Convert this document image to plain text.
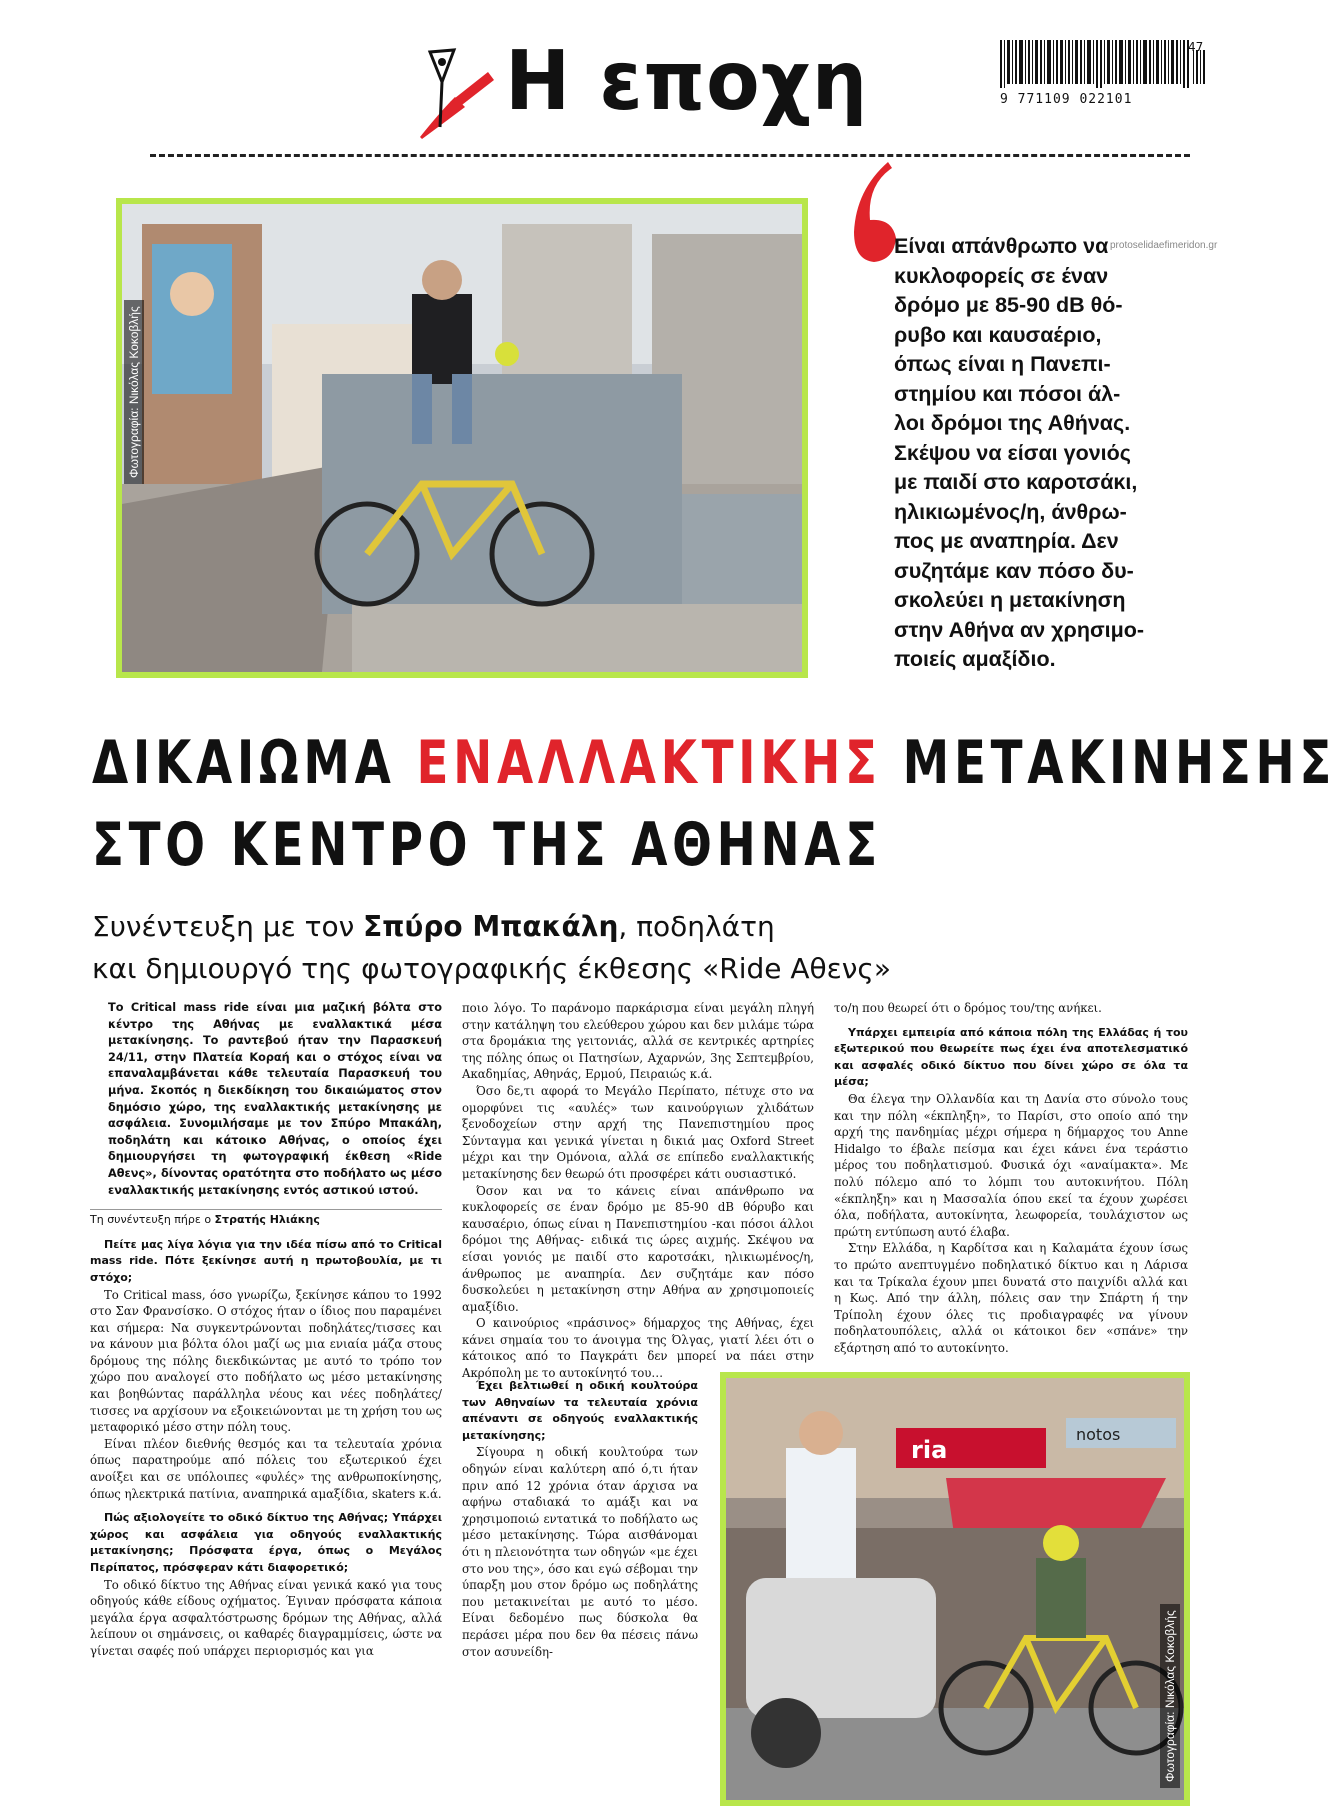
Η εποχη	47
9 771109 022101
Φωτογραφία: Νικόλας Κοκοβλής
protoselidaefimeridon.gr

Είναι απάνθρωπο να

κυκλοφορείς σε έναν

δρόμο με 85-90 dB θό-

ρυβο και καυσαέριο,

όπως είναι η Πανεπι-

στημίου και πόσοι άλ-

λοι δρόμοι της Αθήνας.

Σκέψου να είσαι γονιός

με παιδί στο καροτσάκι,

ηλικιωμένος/η, άνθρω-

πος με αναπηρία. Δεν

συζητάμε καν πόσο δυ-

σκολεύει η μετακίνηση

στην Αθήνα αν χρησιμο-

ποιείς αμαξίδιο.

ΔΙΚΑΙΩΜΑ ΕΝΑΛΛΑΚΤΙΚΗΣ ΜΕΤΑΚΙΝΗΣΗΣ
ΣΤΟ ΚΕΝΤΡΟ ΤΗΣ ΑΘΗΝΑΣ
Συνέντευξη με τον Σπύρο Μπακάλη, ποδηλάτη
και δημιουργό της φωτογραφικής έκθεσης «Ride Αθενς»

Το Critical mass ride είναι μια μαζική βόλτα στο κέντρο της Αθήνας με εναλλακτικά μέσα μετακίνησης. Το ραντεβού ήταν την Παρασκευή 24/11, στην Πλατεία Κοραή και ο στόχος είναι να επαναλαμβάνεται κάθε τελευταία Παρασκευή του μήνα. Σκοπός η διεκδίκηση του δικαιώματος στον δημόσιο χώρο, της εναλλακτικής μετακίνησης με ασφάλεια. Συνομιλήσαμε με τον Σπύρο Μπακάλη, ποδηλάτη και κάτοικο Αθήνας, ο οποίος έχει δημιουργήσει τη φωτογραφική έκθεση «Ride Αθενς», δίνοντας ορατότητα στο ποδήλατο ως μέσο εναλλακτικής μετακίνησης εντός αστικού ιστού.

Τη συνέντευξη πήρε ο Στρατής Ηλιάκης

Πείτε μας λίγα λόγια για την ιδέα πίσω από το Critical mass ride. Πότε ξεκίνησε αυτή η πρωτοβουλία, με τι στόχο;

Το Critical mass, όσο γνωρίζω, ξεκίνησε κάπου το 1992 στο Σαν Φρανσίσκο. Ο στόχος ήταν ο ίδιος που παραμένει και σήμερα: Να συγκεντρώνονται ποδηλάτες/τισσες και να κάνουν μια βόλτα όλοι μαζί ως μια ενιαία μάζα στους δρόμους της πόλης διεκδικώντας με αυτό το τρόπο τον χώρο που αναλογεί στο ποδήλατο ως μέσο μετακίνησης και βοηθώντας παράλληλα νέους και νέες ποδηλάτες/τισσες να αρχίσουν να εξοικειώνονται με τη χρήση του ως μεταφορικό μέσο στην πόλη τους.

Είναι πλέον διεθνής θεσμός και τα τελευταία χρόνια όπως παρατηρούμε από πόλεις του εξωτερικού έχει ανοίξει και σε υπόλοιπες «φυλές» της ανθρωποκίνησης, όπως ηλεκτρικά πατίνια, αναπηρικά αμαξίδια, skaters κ.ά.

Πώς αξιολογείτε το οδικό δίκτυο της Αθήνας; Υπάρχει χώρος και ασφάλεια για οδηγούς εναλλακτικής μετακίνησης; Πρόσφατα έργα, όπως ο Μεγάλος Περίπατος, πρόσφεραν κάτι διαφορετικό;

Το οδικό δίκτυο της Αθήνας είναι γενικά κακό για τους οδηγούς κάθε είδους οχήματος. Έγιναν πρόσφατα κάποια μεγάλα έργα ασφαλτόστρωσης δρόμων της Αθήνας, αλλά λείπουν οι σημάνσεις, οι καθαρές διαγραμμίσεις, ώστε να γίνεται σαφές πού υπάρχει περιορισμός και για

ποιο λόγο. Το παράνομο παρκάρισμα είναι μεγάλη πληγή στην κατάληψη του ελεύθερου χώρου και δεν μιλάμε τώρα στα δρομάκια της γειτονιάς, αλλά σε κεντρικές αρτηρίες της πόλης όπως οι Πατησίων, Αχαρνών, 3ης Σεπτεμβρίου, Ακαδημίας, Αθηνάς, Ερμού, Πειραιώς κ.ά.

Όσο δε,τι αφορά το Μεγάλο Περίπατο, πέτυχε στο να ομορφύνει τις «αυλές» των καινούργιων χλιδάτων ξενοδοχείων στην αρχή της Πανεπιστημίου προς Σύνταγμα και γενικά γίνεται η δικιά μας Oxford Street μέχρι και την Ομόνοια, αλλά σε επίπεδο εναλλακτικής μετακίνησης δεν θεωρώ ότι προσφέρει κάτι ουσιαστικό.

Όσον και να το κάνεις είναι απάνθρωπο να κυκλοφορείς σε έναν δρόμο με 85-90 dB θόρυβο και καυσαέριο, όπως είναι η Πανεπιστημίου -και πόσοι άλλοι δρόμοι της Αθήνας- ειδικά τις ώρες αιχμής. Σκέψου να είσαι γονιός με παιδί στο καροτσάκι, ηλικιωμένος/η, άνθρωπος με αναπηρία. Δεν συζητάμε καν πόσο δυσκολεύει η μετακίνηση στην Αθήνα αν χρησιμοποιείς αμαξίδιο.

Ο καινούριος «πράσινος» δήμαρχος της Αθήνας, έχει κάνει σημαία του το άνοιγμα της Όλγας, γιατί λέει ότι ο κάτοικος από το Παγκράτι δεν μπορεί να πάει στην Ακρόπολη με το αυτοκίνητό του…

Έχει βελτιωθεί η οδική κουλτούρα των Αθηναίων τα τελευταία χρόνια απέναντι σε οδηγούς εναλλακτικής μετακίνησης;

Σίγουρα η οδική κουλτούρα των οδηγών είναι καλύτερη από ό,τι ήταν πριν από 12 χρόνια όταν άρχισα να αφήνω σταδιακά το αμάξι και να χρησιμοποιώ εντατικά το ποδήλατο ως μέσο μετακίνησης. Τώρα αισθάνομαι ότι η πλειονότητα των οδηγών «με έχει στο νου της», όσο και εγώ σέβομαι την ύπαρξη μου στον δρόμο ως ποδηλάτης που μετακινείται με αυτό το μέσο. Είναι δεδομένο πως δύσκολα θα περάσει μέρα που δεν θα πέσεις πάνω στον ασυνείδη-

το/η που θεωρεί ότι ο δρόμος του/της ανήκει.

Υπάρχει εμπειρία από κάποια πόλη της Ελλάδας ή του εξωτερικού που θεωρείτε πως έχει ένα αποτελεσματικό και ασφαλές οδικό δίκτυο που δίνει χώρο σε όλα τα μέσα;

Θα έλεγα την Ολλανδία και τη Δανία στο σύνολο τους και την πόλη «έκπληξη», το Παρίσι, στο οποίο από την αρχή της πανδημίας μέχρι σήμερα η δήμαρχος του Anne Hidalgo το έβαλε πείσμα και έχει κάνει ένα τεράστιο μέρος του ποδηλατισμού. Φυσικά όχι «αναίμακτα». Με πολύ πόλεμο από το λόμπι του αυτοκινήτου. Πόλη «έκπληξη» και η Μασσαλία όπου εκεί τα έχουν χωρέσει όλα, ποδήλατα, αυτοκίνητα, λεωφορεία, τουλάχιστον ως πρώτη εντύπωση αυτό έλαβα.

Στην Ελλάδα, η Καρδίτσα και η Καλαμάτα έχουν ίσως το πρώτο ανεπτυγμένο ποδηλατικό δίκτυο και η Λάρισα και τα Τρίκαλα έχουν μπει δυνατά στο παιχνίδι αλλά και η Κως. Από την άλλη, πόλεις σαν την Σπάρτη ή την Τρίπολη έχουν όλες τις προδιαγραφές να γίνουν ποδηλατουπόλεις, αλλά οι κάτοικοι δεν «σπάνε» την εξάρτηση από το αυτοκίνητο.

ria
notos
Φωτογραφία: Νικόλας Κοκοβλής
